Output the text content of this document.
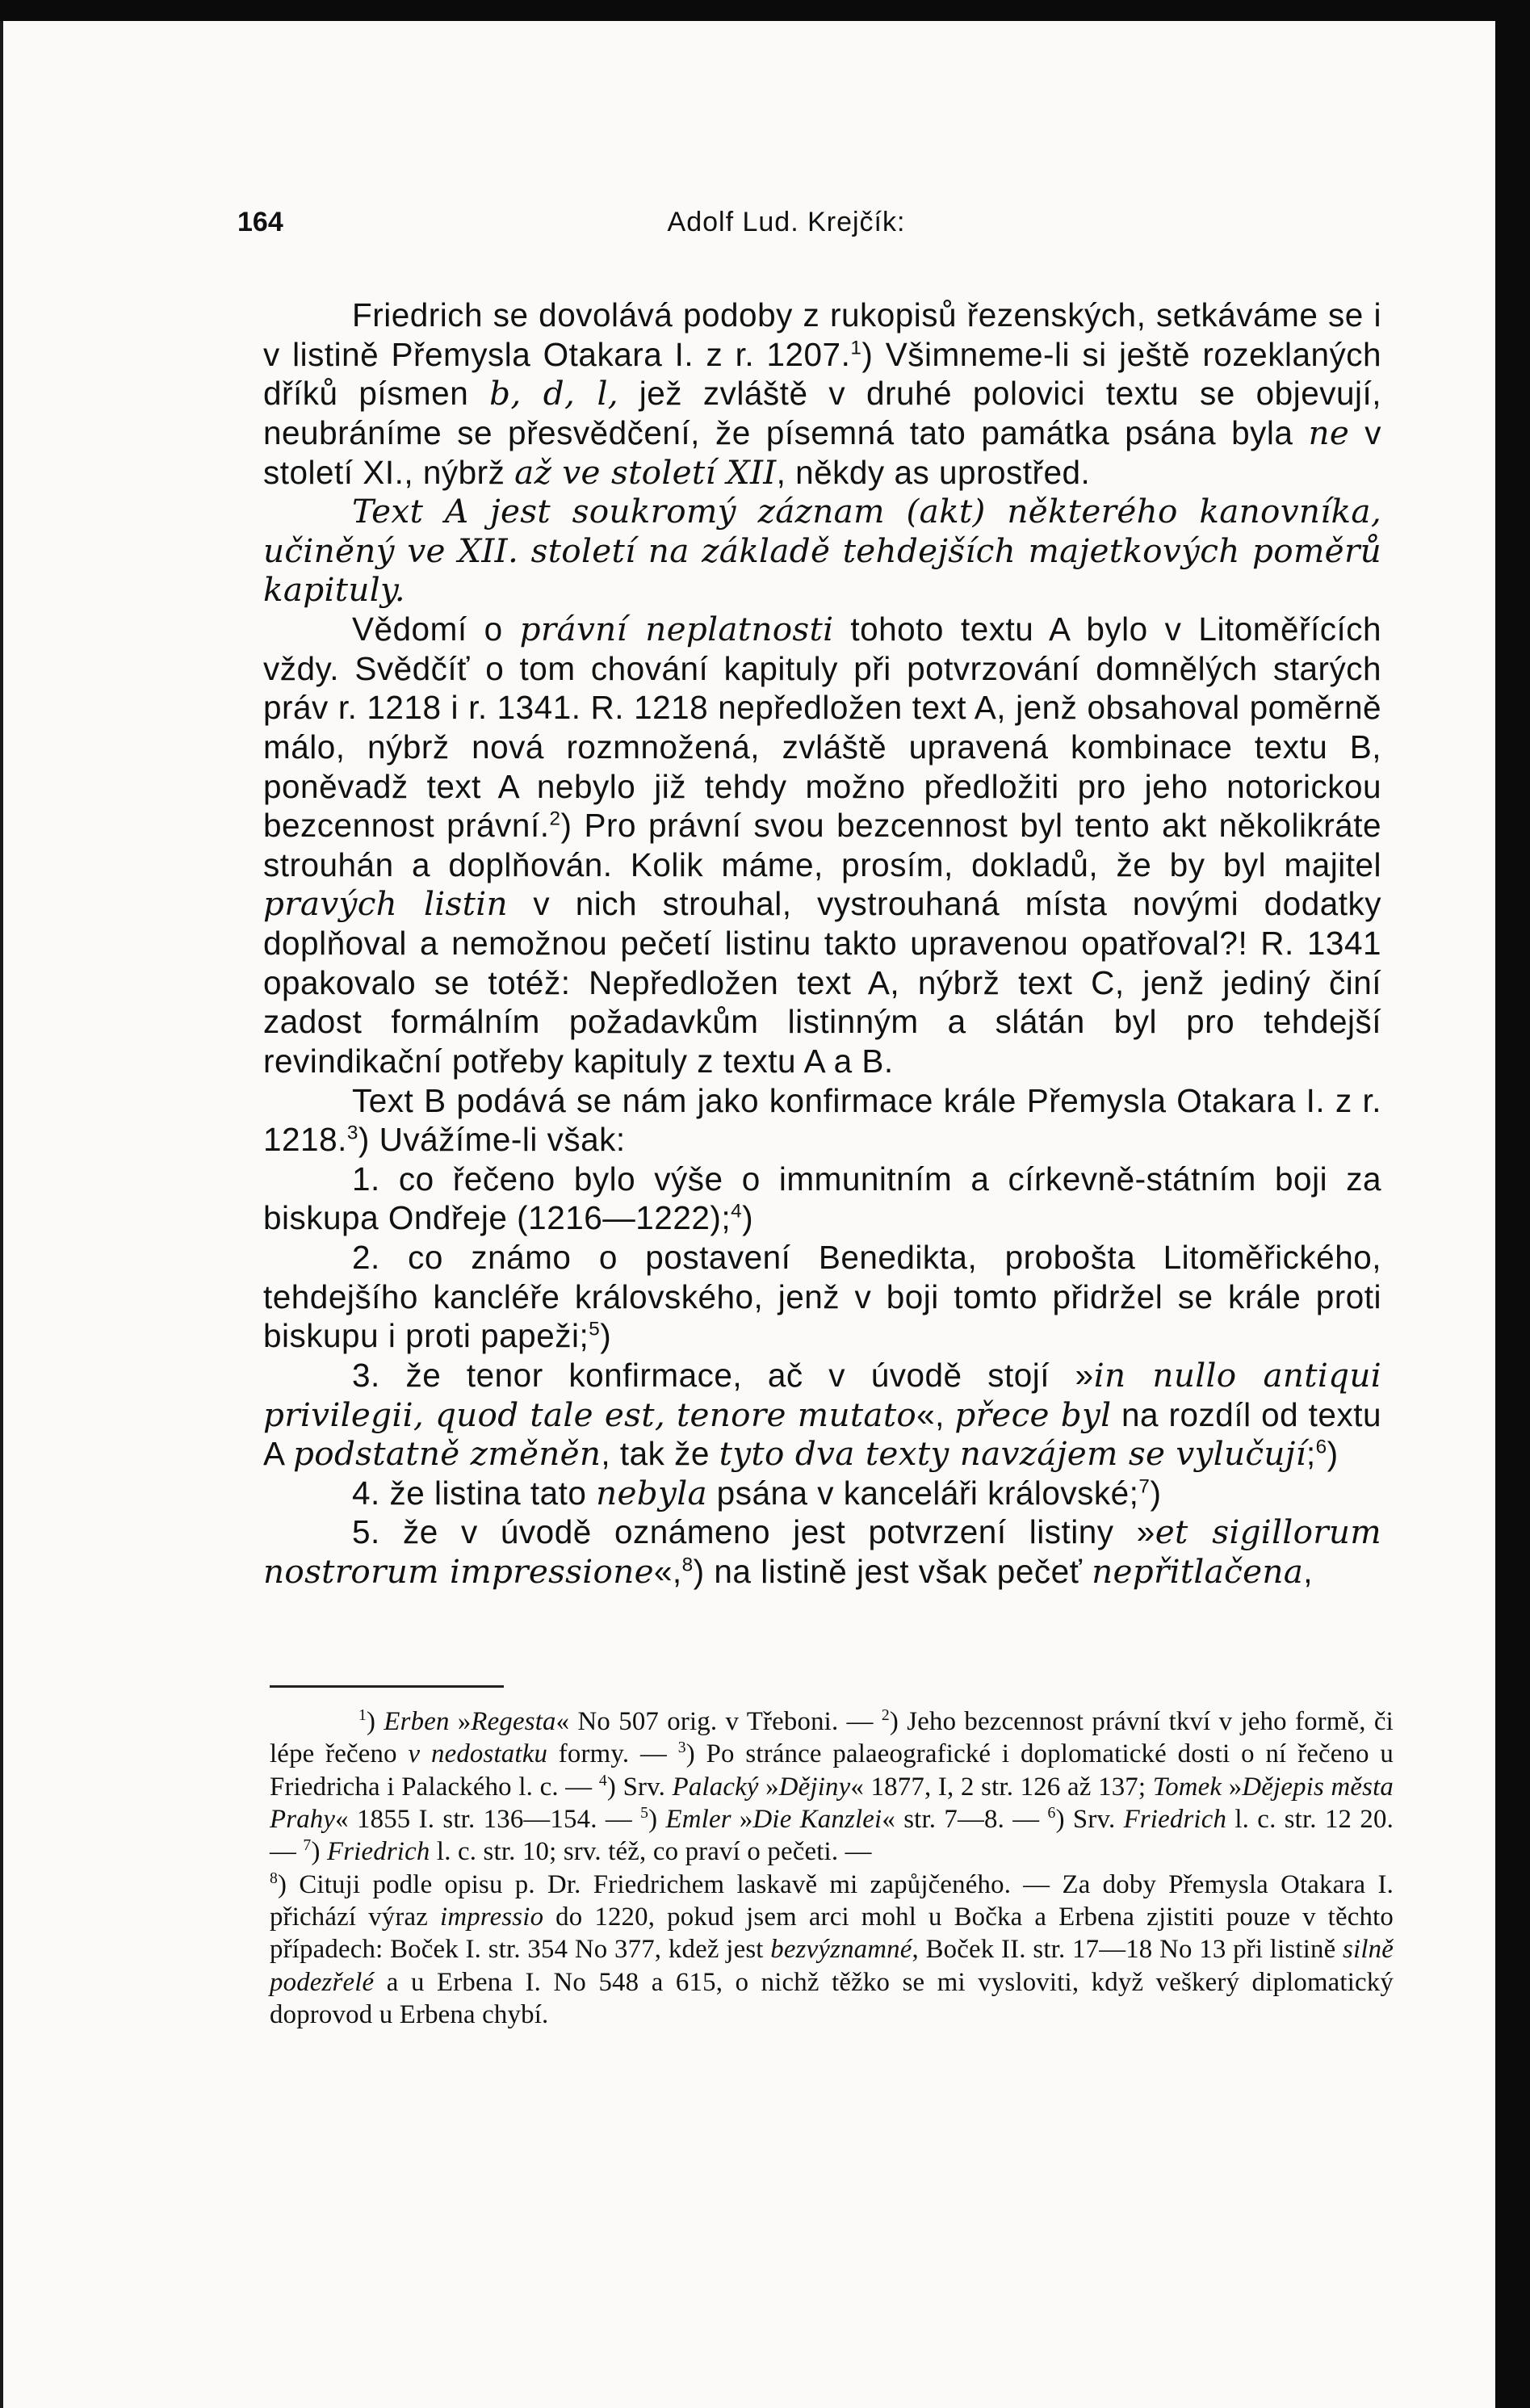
164	Adolf Lud. Krejčík:

Friedrich se dovolává podoby z rukopisů řezenských, setkáváme se i v listině Přemysla Otakara I. z r. 1207.$^1$) Všimneme-li si ještě rozeklaných dříků písmen b, d, l, jež zvláště v druhé polovici textu se objevují, neubráníme se přesvědčení, že písemná tato památka psána byla ne v století XI., nýbrž až ve století XII, někdy as uprostřed.

Text A jest soukromý záznam (akt) některého kanovníka, učiněný ve XII. století na základě tehdejších majetkových poměrů kapituly.

Vědomí o právní neplatnosti tohoto textu A bylo v Litoměřících vždy. Svědčíť o tom chování kapituly při potvrzování domnělých starých práv r. 1218 i r. 1341. R. 1218 nepředložen text A, jenž obsahoval poměrně málo, nýbrž nová rozmnožená, zvláště upravená kombinace textu B, poněvadž text A nebylo již tehdy možno předložiti pro jeho notorickou bezcennost právní.$^2$) Pro právní svou bezcennost byl tento akt několikráte strouhán a doplňován. Kolik máme, prosím, dokladů, že by byl majitel pravých listin v nich strouhal, vystrouhaná místa novými dodatky doplňoval a nemožnou pečetí listinu takto upravenou opatřoval?! R. 1341 opakovalo se totéž: Nepředložen text A, nýbrž text C, jenž jediný činí zadost formálním požadavkům listinným a slátán byl pro tehdejší revindikační potřeby kapituly z textu A a B.

Text B podává se nám jako konfirmace krále Přemysla Otakara I. z r. 1218.$^3$) Uvážíme-li však:

1. co řečeno bylo výše o immunitním a církevně-státním boji za biskupa Ondřeje (1216—1222);$^4$)

2. co známo o postavení Benedikta, probošta Litoměřického, tehdejšího kancléře královského, jenž v boji tomto přidržel se krále proti biskupu i proti papeži;$^5$)

3. že tenor konfirmace, ač v úvodě stojí »in nullo antiqui privilegii, quod tale est, tenore mutato«, přece byl na rozdíl od textu A podstatně změněn, tak že tyto dva texty navzájem se vylučují;$^6$)

4. že listina tato nebyla psána v kanceláři královské;$^7$)

5. že v úvodě oznámeno jest potvrzení listiny »et sigillorum nostrorum impressione«,$^8$) na listině jest však pečeť nepřitlačena,

$^1$) Erben »Regesta« No 507 orig. v Třeboni. — $^2$) Jeho bezcennost právní tkví v jeho formě, či lépe řečeno v nedostatku formy. — $^3$) Po stránce palaeografické i doplomatické dosti o ní řečeno u Friedricha i Palackého l. c. — $^4$) Srv. Palacký »Dějiny« 1877, I, 2 str. 126 až 137; Tomek »Dějepis města Prahy« 1855 I. str. 136—154. — $^5$) Emler »Die Kanzlei« str. 7—8. — $^6$) Srv. Friedrich l. c. str. 12 20. — $^7$) Friedrich l. c. str. 10; srv. též, co praví o pečeti. —
$^8$) Cituji podle opisu p. Dr. Friedrichem laskavě mi zapůjčeného. — Za doby Přemysla Otakara I. přichází výraz impressio do 1220, pokud jsem arci mohl u Bočka a Erbena zjistiti pouze v těchto případech: Boček I. str. 354 No 377, kdež jest bezvýznamné, Boček II. str. 17—18 No 13 při listině silně podezřelé a u Erbena I. No 548 a 615, o nichž těžko se mi vysloviti, když veškerý diplomatický doprovod u Erbena chybí.
